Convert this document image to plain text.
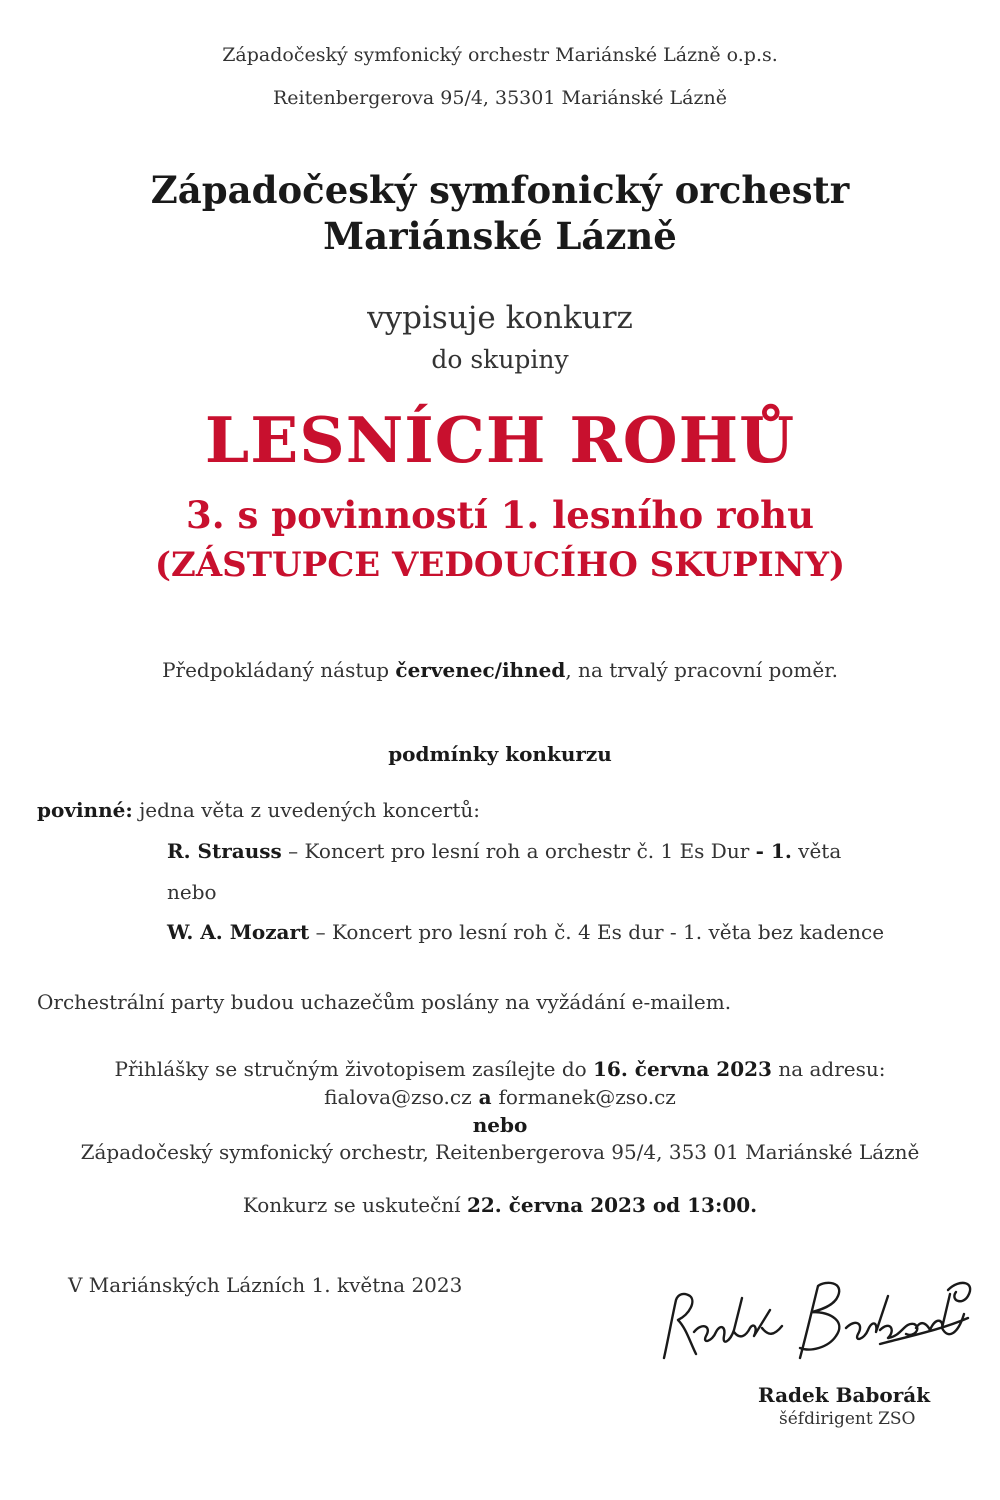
Západočeský symfonický orchestr Mariánské Lázně o.p.s.
Reitenbergerova 95/4, 35301 Mariánské Lázně
Západočeský symfonický orchestr
Mariánské Lázně
vypisuje konkurz
do skupiny
LESNÍCH ROHŮ
3. s povinností 1. lesního rohu
(ZÁSTUPCE VEDOUCÍHO SKUPINY)
Předpokládaný nástup červenec/ihned, na trvalý pracovní poměr.
podmínky konkurzu
povinné: jedna věta z uvedených koncertů:
R. Strauss – Koncert pro lesní roh a orchestr č. 1 Es Dur - 1. věta
nebo
W. A. Mozart – Koncert pro lesní roh č. 4 Es dur - 1. věta bez kadence
Orchestrální party budou uchazečům poslány na vyžádání e-mailem.
Přihlášky se stručným životopisem zasílejte do 16. června 2023 na adresu:
fialova@zso.cz a formanek@zso.cz
nebo
Západočeský symfonický orchestr, Reitenbergerova 95/4, 353 01 Mariánské Lázně
Konkurz se uskuteční 22. června 2023 od 13:00.
V Mariánských Lázních 1. května 2023
Radek Baborák
šéfdirigent ZSO
